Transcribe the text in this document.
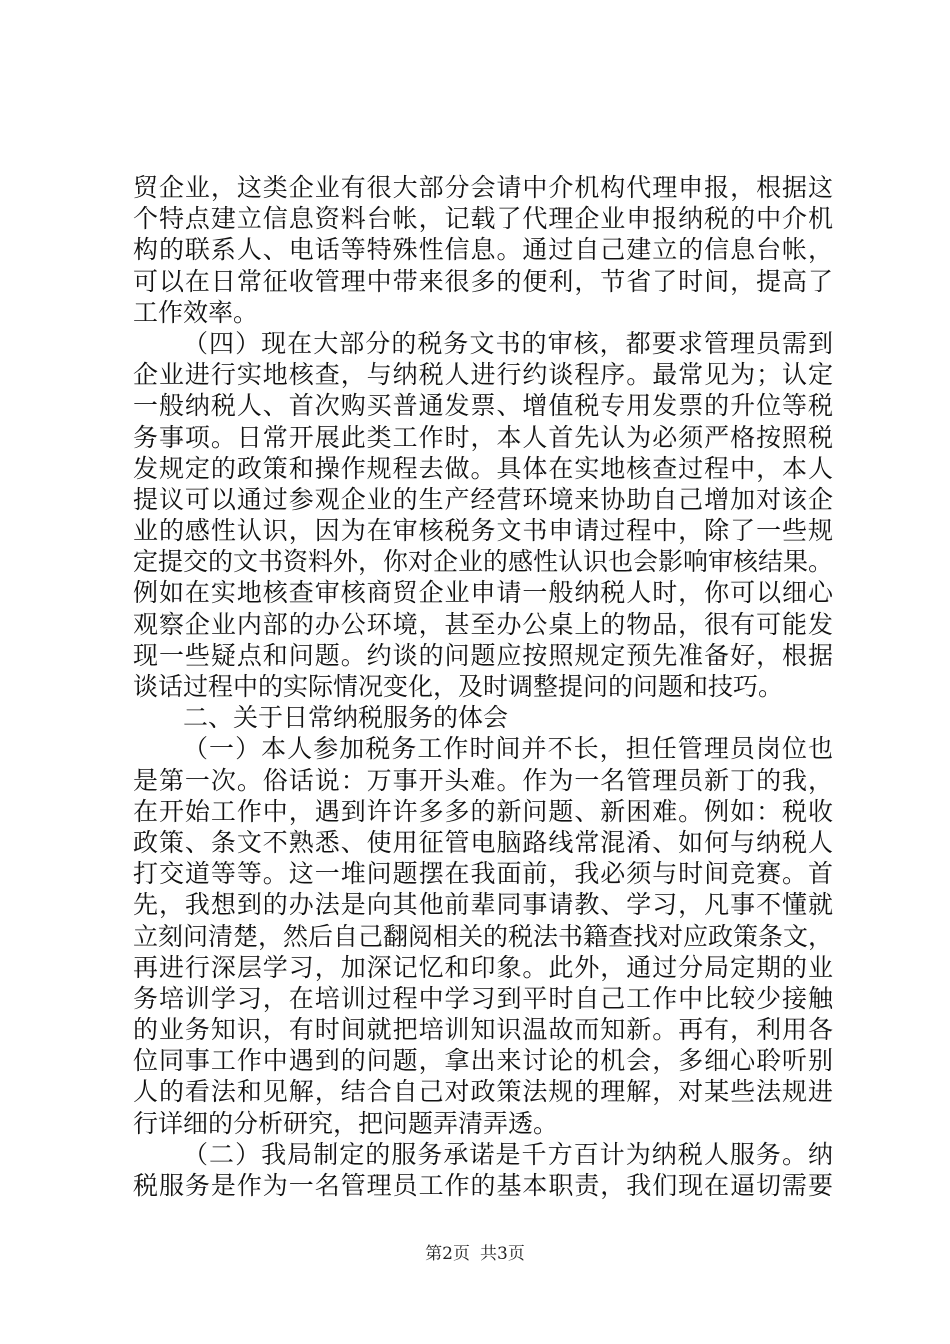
贸企业，这类企业有很大部分会请中介机构代理申报，根据这
个特点建立信息资料台帐，记载了代理企业申报纳税的中介机
构的联系人、电话等特殊性信息。通过自己建立的信息台帐，
可以在日常征收管理中带来很多的便利，节省了时间，提高了
工作效率。
（四）现在大部分的税务文书的审核，都要求管理员需到
企业进行实地核查，与纳税人进行约谈程序。最常见为；认定
一般纳税人、首次购买普通发票、增值税专用发票的升位等税
务事项。日常开展此类工作时，本人首先认为必须严格按照税
发规定的政策和操作规程去做。具体在实地核查过程中，本人
提议可以通过参观企业的生产经营环境来协助自己增加对该企
业的感性认识，因为在审核税务文书申请过程中，除了一些规
定提交的文书资料外，你对企业的感性认识也会影响审核结果。
例如在实地核查审核商贸企业申请一般纳税人时，你可以细心
观察企业内部的办公环境，甚至办公桌上的物品，很有可能发
现一些疑点和问题。约谈的问题应按照规定预先准备好，根据
谈话过程中的实际情况变化，及时调整提问的问题和技巧。
二、关于日常纳税服务的体会
（一）本人参加税务工作时间并不长，担任管理员岗位也
是第一次。俗话说：万事开头难。作为一名管理员新丁的我，
在开始工作中，遇到许许多多的新问题、新困难。例如：税收
政策、条文不熟悉、使用征管电脑路线常混淆、如何与纳税人
打交道等等。这一堆问题摆在我面前，我必须与时间竞赛。首
先，我想到的办法是向其他前辈同事请教、学习，凡事不懂就
立刻问清楚，然后自己翻阅相关的税法书籍查找对应政策条文，
再进行深层学习，加深记忆和印象。此外，通过分局定期的业
务培训学习，在培训过程中学习到平时自己工作中比较少接触
的业务知识，有时间就把培训知识温故而知新。再有，利用各
位同事工作中遇到的问题，拿出来讨论的机会，多细心聆听别
人的看法和见解，结合自己对政策法规的理解，对某些法规进
行详细的分析研究，把问题弄清弄透。
（二）我局制定的服务承诺是千方百计为纳税人服务。纳
税服务是作为一名管理员工作的基本职责，我们现在逼切需要
第2页 共3页
